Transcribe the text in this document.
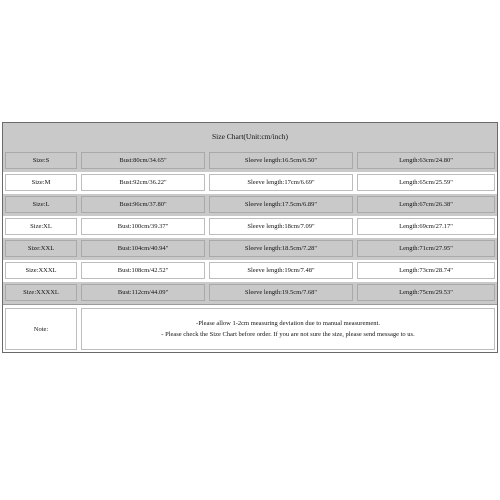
Size Chart(Unit:cm/inch)
Size:S	Bust:80cm/34.65"	Sleeve length:16.5cm/6.50"	Length:63cm/24.80"
Size:M	Bust:92cm/36.22"	Sleeve length:17cm/6.69"	Length:65cm/25.59"
Size:L	Bust:96cm/37.80"	Sleeve length:17.5cm/6.89"	Length:67cm/26.38"
Size:XL	Bust:100cm/39.37"	Sleeve length:18cm/7.09"	Length:69cm/27.17"
Size:XXL	Bust:104cm/40.94"	Sleeve length:18.5cm/7.28"	Length:71cm/27.95"
Size:XXXL	Bust:108cm/42.52"	Sleeve length:19cm/7.48"	Length:73cm/28.74"
Size:XXXXL	Bust:112cm/44.09"	Sleeve length:19.5cm/7.68"	Length:75cm/29.53"
Note:
-Please allow 1-2cm measuring deviation due to manual measurement.
- Please check the Size Chart before order. If you are not sure the size, please send message to us.
